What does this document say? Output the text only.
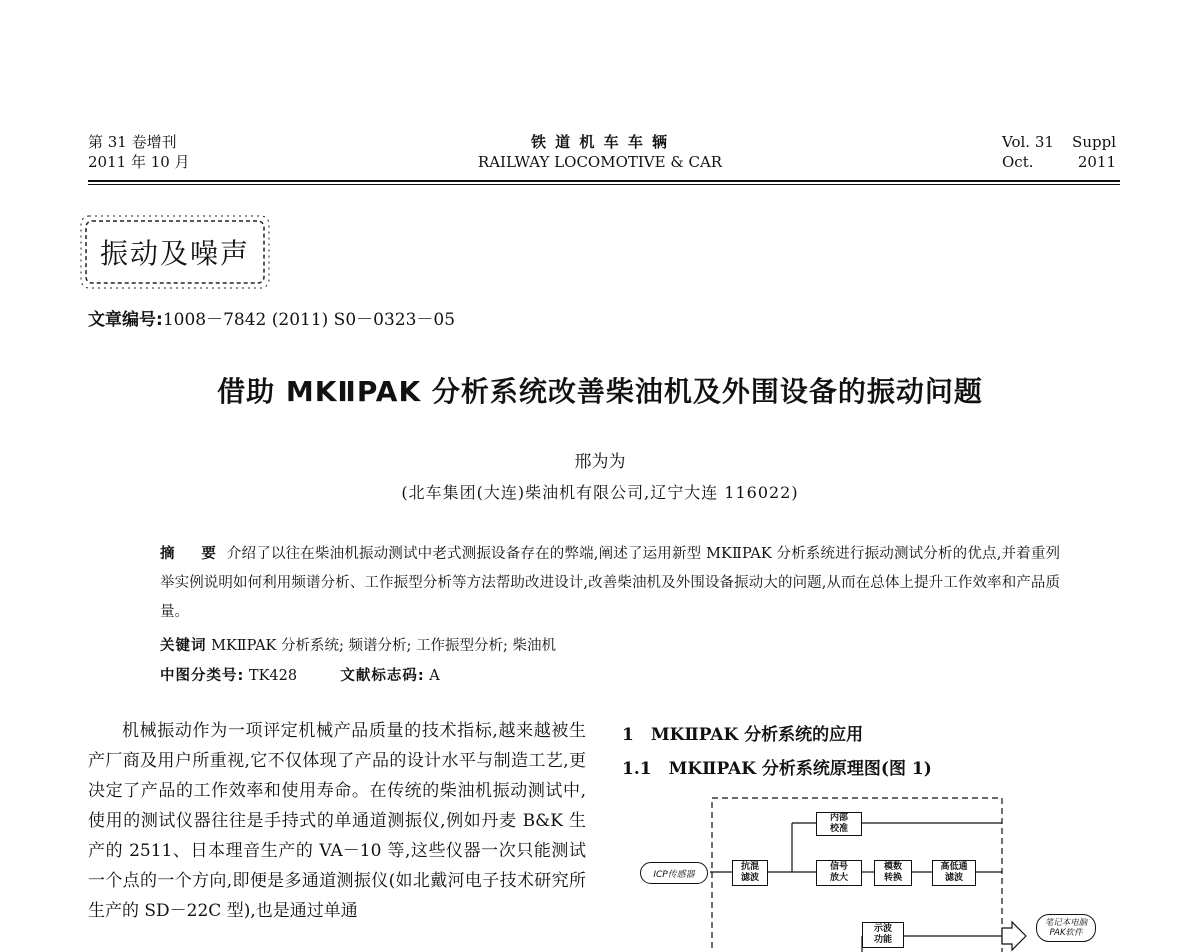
第 31 卷增刊
2011 年 10 月
铁 道 机 车 车 辆
RAILWAY LOCOMOTIVE & CAR
Vol. 31 Suppl
Oct.	2011
振动及噪声
文章编号:1008－7842 (2011) S0－0323－05
借助 MKⅡPAK 分析系统改善柴油机及外围设备的振动问题
邢为为
(北车集团(大连)柴油机有限公司,辽宁大连 116022)
摘　要 介绍了以往在柴油机振动测试中老式测振设备存在的弊端,阐述了运用新型 MKⅡPAK 分析系统进行振动测试分析的优点,并着重列举实例说明如何利用频谱分析、工作振型分析等方法帮助改进设计,改善柴油机及外围设备振动大的问题,从而在总体上提升工作效率和产品质量。
关键词 MKⅡPAK 分析系统; 频谱分析; 工作振型分析; 柴油机
中图分类号: TK428	文献标志码: A
机械振动作为一项评定机械产品质量的技术指标,越来越被生产厂商及用户所重视,它不仅体现了产品的设计水平与制造工艺,更决定了产品的工作效率和使用寿命。在传统的柴油机振动测试中,使用的测试仪器往往是手持式的单通道测振仪,例如丹麦 B&K 生产的 2511、日本理音生产的 VA－10 等,这些仪器一次只能测试一个点的一个方向,即便是多通道测振仪(如北戴河电子技术研究所生产的 SD－22C 型),也是通过单通
1　MKⅡPAK 分析系统的应用
1.1　MKⅡPAK 分析系统原理图(图 1)
ICP传感器
抗混
滤波
内部
校准
信号
放大
模数
转换
高低通
滤波
示波
功能
笔记本电脑
PAK软件
